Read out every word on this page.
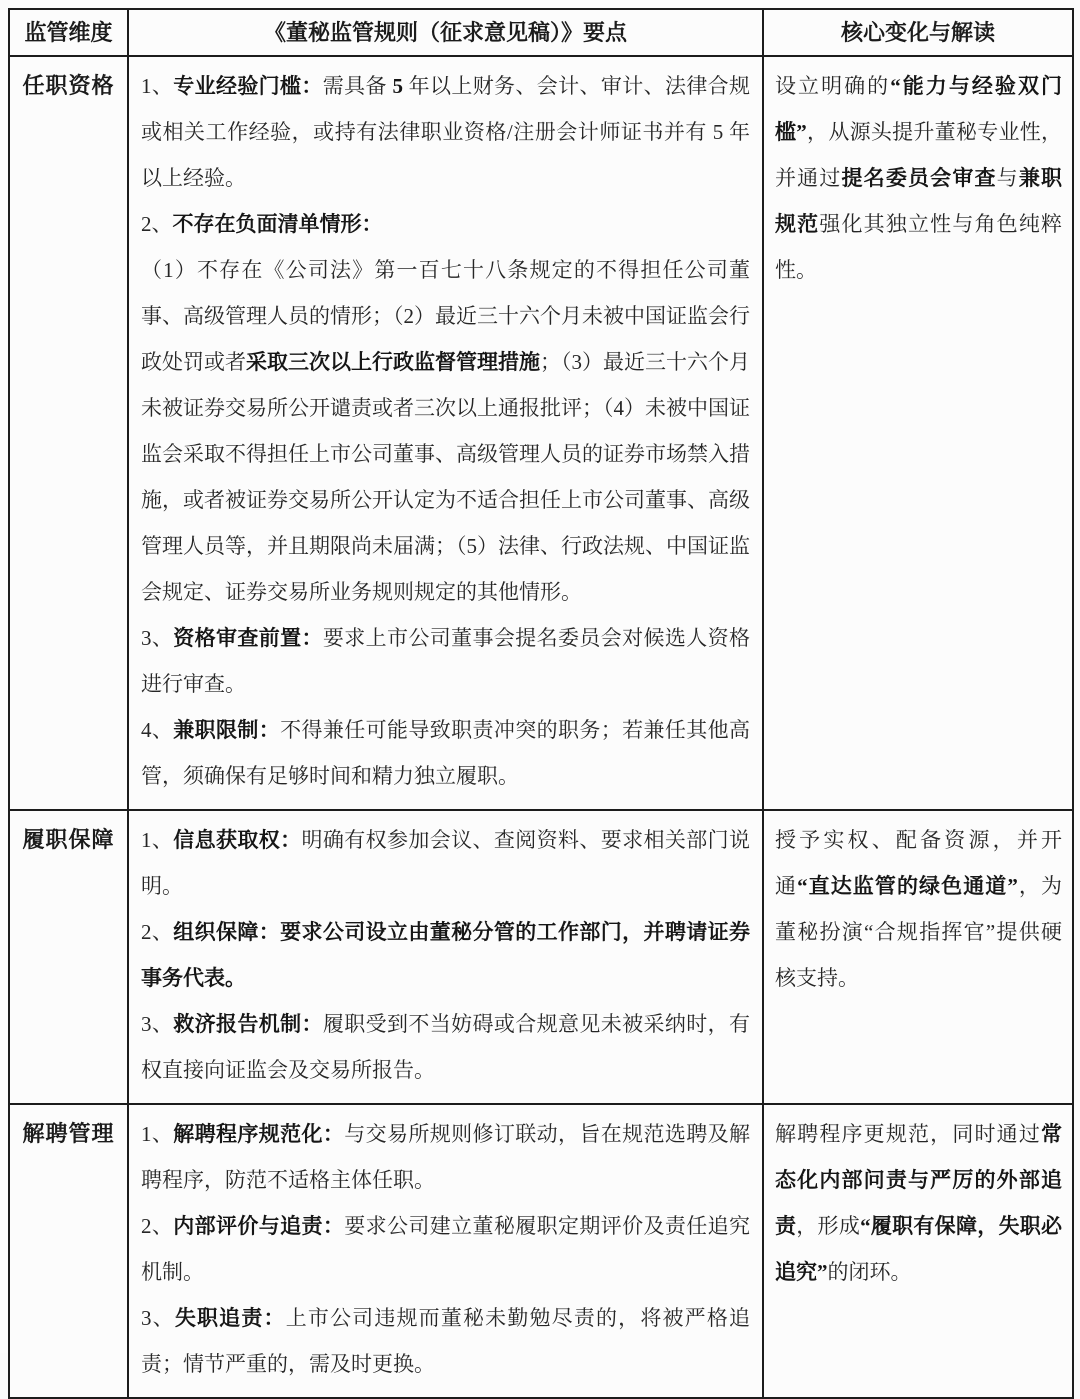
监管维度	《董秘监管规则（征求意见稿）》要点	核心变化与解读
任职资格	1、专业经验门槛：需具备 5 年以上财务、会计、审计、法律合规或相关工作经验，或持有法律职业资格/注册会计师证书并有 5 年以上经验。

2、不存在负面清单情形：

（1）不存在《公司法》第一百七十八条规定的不得担任公司董事、高级管理人员的情形；（2）最近三十六个月未被中国证监会行政处罚或者采取三次以上行政监督管理措施；（3）最近三十六个月未被证券交易所公开谴责或者三次以上通报批评；（4）未被中国证监会采取不得担任上市公司董事、高级管理人员的证券市场禁入措施，或者被证券交易所公开认定为不适合担任上市公司董事、高级管理人员等，并且期限尚未届满；（5）法律、行政法规、中国证监会规定、证券交易所业务规则规定的其他情形。

3、资格审查前置：要求上市公司董事会提名委员会对候选人资格进行审查。

4、兼职限制：不得兼任可能导致职责冲突的职务；若兼任其他高管，须确保有足够时间和精力独立履职。	设立明确的“能力与经验双门槛”，从源头提升董秘专业性，并通过提名委员会审查与兼职规范强化其独立性与角色纯粹性。

履职保障	1、信息获取权：明确有权参加会议、查阅资料、要求相关部门说明。

2、组织保障：要求公司设立由董秘分管的工作部门，并聘请证券事务代表。

3、救济报告机制：履职受到不当妨碍或合规意见未被采纳时，有权直接向证监会及交易所报告。	授予实权、配备资源，并开通“直达监管的绿色通道”，为董秘扮演“合规指挥官”提供硬核支持。

解聘管理	1、解聘程序规范化：与交易所规则修订联动，旨在规范选聘及解聘程序，防范不适格主体任职。

2、内部评价与追责：要求公司建立董秘履职定期评价及责任追究机制。

3、失职追责：上市公司违规而董秘未勤勉尽责的，将被严格追责；情节严重的，需及时更换。	解聘程序更规范，同时通过常态化内部问责与严厉的外部追责，形成“履职有保障，失职必追究”的闭环。
